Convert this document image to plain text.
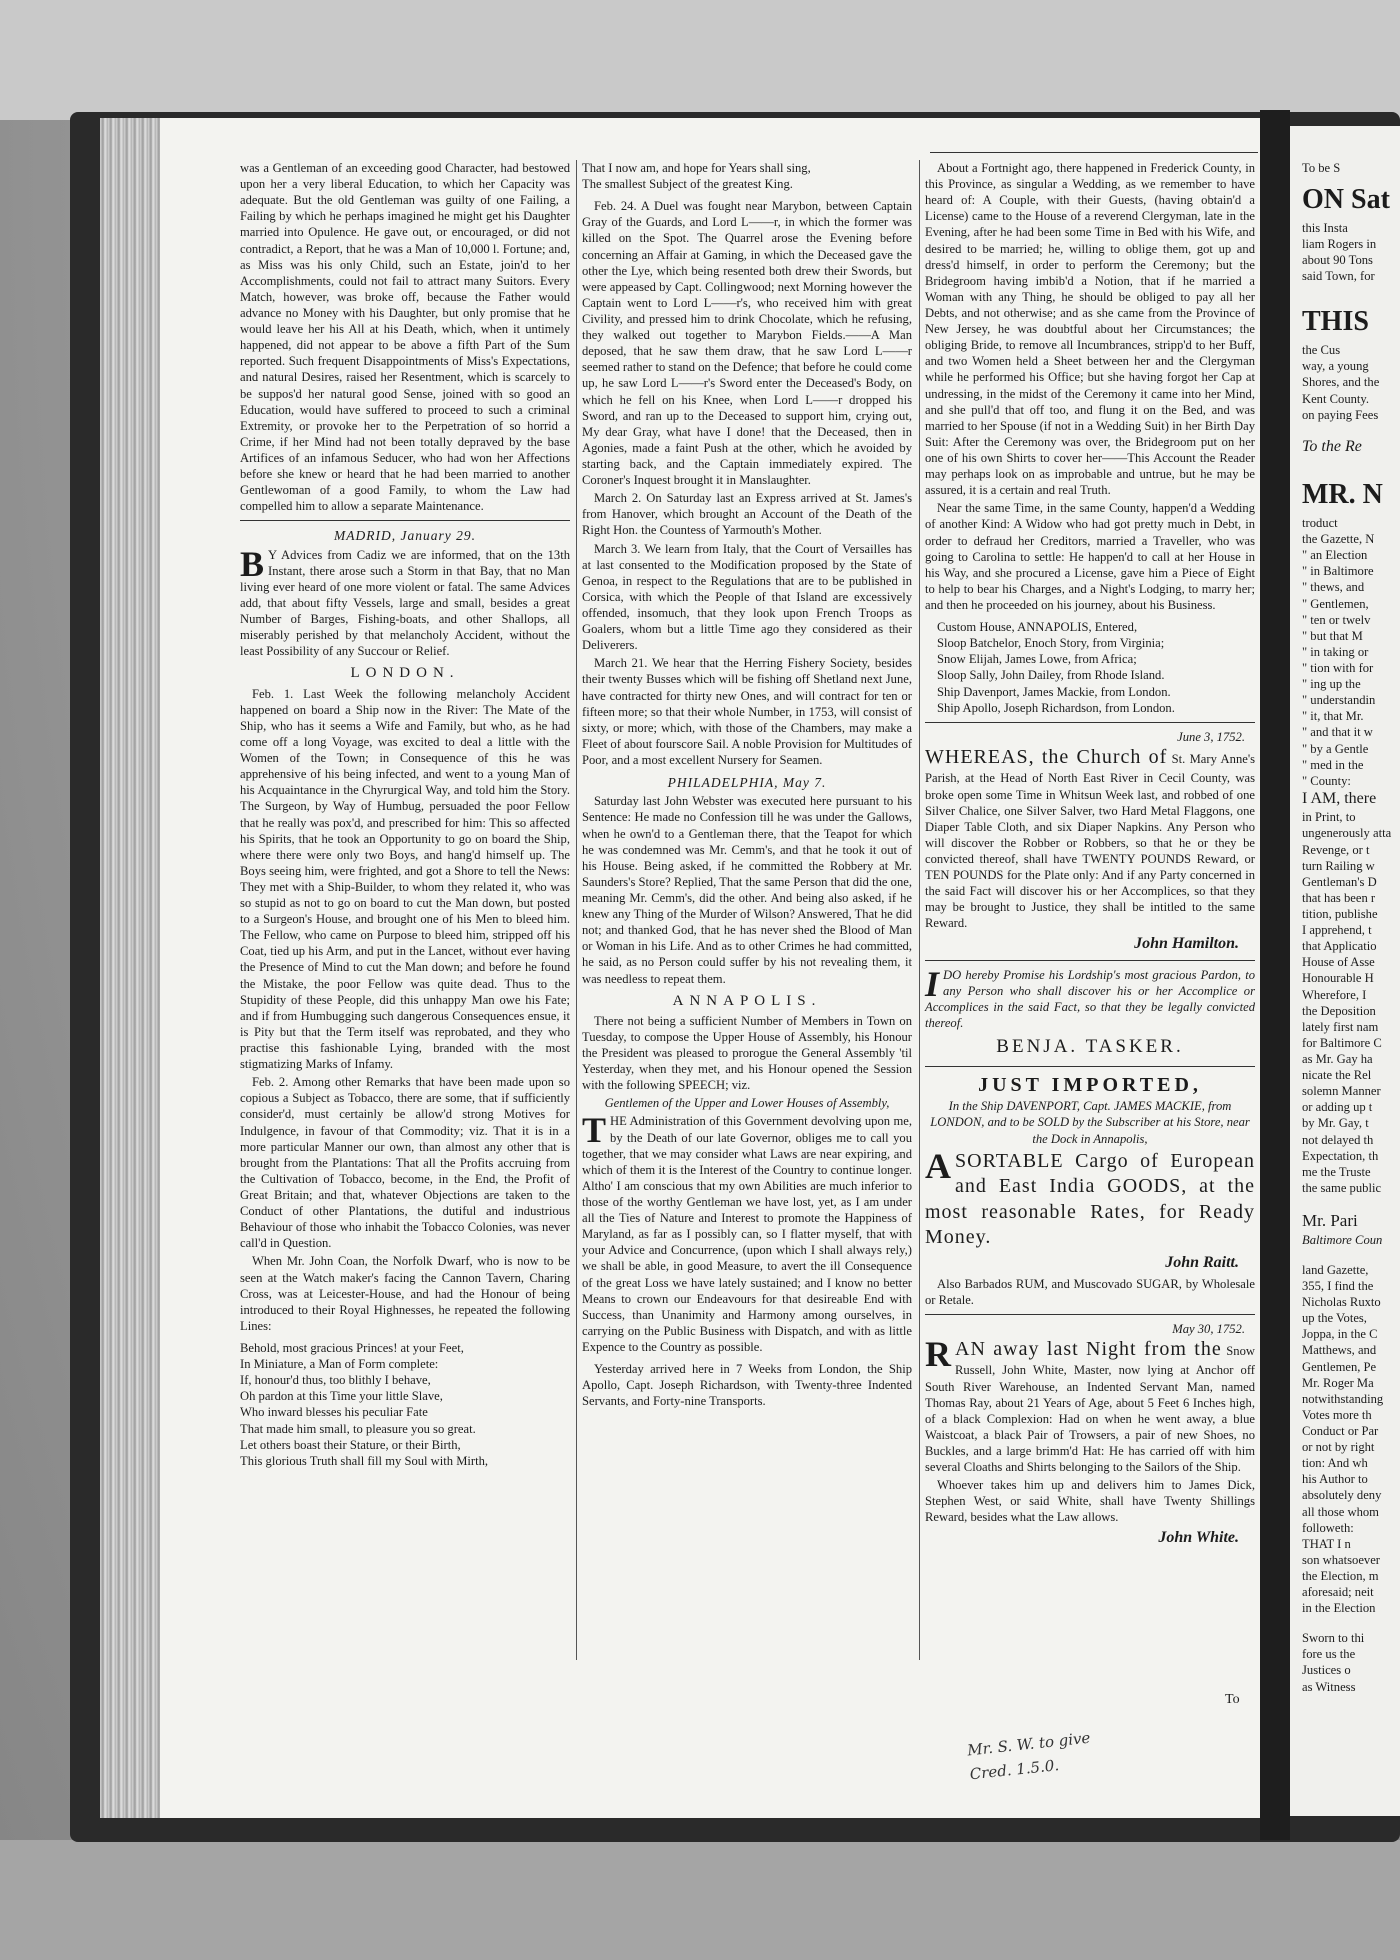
was a Gentleman of an exceeding good Character, had bestowed upon her a very liberal Education, to which her Capacity was adequate. But the old Gentleman was guilty of one Failing, a Failing by which he perhaps imagined he might get his Daughter married into Opulence. He gave out, or encouraged, or did not contradict, a Report, that he was a Man of 10,000 l. Fortune; and, as Miss was his only Child, such an Estate, join'd to her Accomplishments, could not fail to attract many Suitors. Every Match, however, was broke off, because the Father would advance no Money with his Daughter, but only promise that he would leave her his All at his Death, which, when it untimely happened, did not appear to be above a fifth Part of the Sum reported. Such frequent Disappointments of Miss's Expectations, and natural Desires, raised her Resentment, which is scarcely to be suppos'd her natural good Sense, joined with so good an Education, would have suffered to proceed to such a criminal Extremity, or provoke her to the Perpetration of so horrid a Crime, if her Mind had not been totally depraved by the base Artifices of an infamous Seducer, who had won her Affections before she knew or heard that he had been married to another Gentlewoman of a good Family, to whom the Law had compelled him to allow a separate Maintenance.

MADRID, January 29.

B Y Advices from Cadiz we are informed, that on the 13th Instant, there arose such a Storm in that Bay, that no Man living ever heard of one more violent or fatal. The same Advices add, that about fifty Vessels, large and small, besides a great Number of Barges, Fishing-boats, and other Shallops, all miserably perished by that melancholy Accident, without the least Possibility of any Succour or Relief.

LONDON.

Feb. 1. Last Week the following melancholy Accident happened on board a Ship now in the River: The Mate of the Ship, who has it seems a Wife and Family, but who, as he had come off a long Voyage, was excited to deal a little with the Women of the Town; in Consequence of this he was apprehensive of his being infected, and went to a young Man of his Acquaintance in the Chyrurgical Way, and told him the Story. The Surgeon, by Way of Humbug, persuaded the poor Fellow that he really was pox'd, and prescribed for him: This so affected his Spirits, that he took an Opportunity to go on board the Ship, where there were only two Boys, and hang'd himself up. The Boys seeing him, were frighted, and got a Shore to tell the News: They met with a Ship-Builder, to whom they related it, who was so stupid as not to go on board to cut the Man down, but posted to a Surgeon's House, and brought one of his Men to bleed him. The Fellow, who came on Purpose to bleed him, stripped off his Coat, tied up his Arm, and put in the Lancet, without ever having the Presence of Mind to cut the Man down; and before he found the Mistake, the poor Fellow was quite dead. Thus to the Stupidity of these People, did this unhappy Man owe his Fate; and if from Humbugging such dangerous Consequences ensue, it is Pity but that the Term itself was reprobated, and they who practise this fashionable Lying, branded with the most stigmatizing Marks of Infamy.

Feb. 2. Among other Remarks that have been made upon so copious a Subject as Tobacco, there are some, that if sufficiently consider'd, must certainly be allow'd strong Motives for Indulgence, in favour of that Commodity; viz. That it is in a more particular Manner our own, than almost any other that is brought from the Plantations: That all the Profits accruing from the Cultivation of Tobacco, become, in the End, the Profit of Great Britain; and that, whatever Objections are taken to the Conduct of other Plantations, the dutiful and industrious Behaviour of those who inhabit the Tobacco Colonies, was never call'd in Question.

When Mr. John Coan, the Norfolk Dwarf, who is now to be seen at the Watch maker's facing the Cannon Tavern, Charing Cross, was at Leicester-House, and had the Honour of being introduced to their Royal Highnesses, he repeated the following Lines:

Behold, most gracious Princes! at your Feet,
In Miniature, a Man of Form complete:
If, honour'd thus, too blithly I behave,
Oh pardon at this Time your little Slave,
Who inward blesses his peculiar Fate
That made him small, to pleasure you so great.
Let others boast their Stature, or their Birth,
This glorious Truth shall fill my Soul with Mirth,

That I now am, and hope for Years shall sing,
The smallest Subject of the greatest King.

Feb. 24. A Duel was fought near Marybon, between Captain Gray of the Guards, and Lord L——r, in which the former was killed on the Spot. The Quarrel arose the Evening before concerning an Affair at Gaming, in which the Deceased gave the other the Lye, which being resented both drew their Swords, but were appeased by Capt. Collingwood; next Morning however the Captain went to Lord L——r's, who received him with great Civility, and pressed him to drink Chocolate, which he refusing, they walked out together to Marybon Fields.——A Man deposed, that he saw them draw, that he saw Lord L——r seemed rather to stand on the Defence; that before he could come up, he saw Lord L——r's Sword enter the Deceased's Body, on which he fell on his Knee, when Lord L——r dropped his Sword, and ran up to the Deceased to support him, crying out, My dear Gray, what have I done! that the Deceased, then in Agonies, made a faint Push at the other, which he avoided by starting back, and the Captain immediately expired. The Coroner's Inquest brought it in Manslaughter.

March 2. On Saturday last an Express arrived at St. James's from Hanover, which brought an Account of the Death of the Right Hon. the Countess of Yarmouth's Mother.

March 3. We learn from Italy, that the Court of Versailles has at last consented to the Modification proposed by the State of Genoa, in respect to the Regulations that are to be published in Corsica, with which the People of that Island are excessively offended, insomuch, that they look upon French Troops as Goalers, whom but a little Time ago they considered as their Deliverers.

March 21. We hear that the Herring Fishery Society, besides their twenty Busses which will be fishing off Shetland next June, have contracted for thirty new Ones, and will contract for ten or fifteen more; so that their whole Number, in 1753, will consist of sixty, or more; which, with those of the Chambers, may make a Fleet of about fourscore Sail. A noble Provision for Multitudes of Poor, and a most excellent Nursery for Seamen.

PHILADELPHIA, May 7.

Saturday last John Webster was executed here pursuant to his Sentence: He made no Confession till he was under the Gallows, when he own'd to a Gentleman there, that the Teapot for which he was condemned was Mr. Cemm's, and that he took it out of his House. Being asked, if he committed the Robbery at Mr. Saunders's Store? Replied, That the same Person that did the one, meaning Mr. Cemm's, did the other. And being also asked, if he knew any Thing of the Murder of Wilson? Answered, That he did not; and thanked God, that he has never shed the Blood of Man or Woman in his Life. And as to other Crimes he had committed, he said, as no Person could suffer by his not revealing them, it was needless to repeat them.

ANNAPOLIS.

There not being a sufficient Number of Members in Town on Tuesday, to compose the Upper House of Assembly, his Honour the President was pleased to prorogue the General Assembly 'til Yesterday, when they met, and his Honour opened the Session with the following SPEECH; viz.

Gentlemen of the Upper and Lower Houses of Assembly,

THE Administration of this Government devolving upon me, by the Death of our late Governor, obliges me to call you together, that we may consider what Laws are near expiring, and which of them it is the Interest of the Country to continue longer. Altho' I am conscious that my own Abilities are much inferior to those of the worthy Gentleman we have lost, yet, as I am under all the Ties of Nature and Interest to promote the Happiness of Maryland, as far as I possibly can, so I flatter myself, that with your Advice and Concurrence, (upon which I shall always rely,) we shall be able, in good Measure, to avert the ill Consequence of the great Loss we have lately sustained; and I know no better Means to crown our Endeavours for that desireable End with Success, than Unanimity and Harmony among ourselves, in carrying on the Public Business with Dispatch, and with as little Expence to the Country as possible.

Yesterday arrived here in 7 Weeks from London, the Ship Apollo, Capt. Joseph Richardson, with Twenty-three Indented Servants, and Forty-nine Transports.

About a Fortnight ago, there happened in Frederick County, in this Province, as singular a Wedding, as we remember to have heard of: A Couple, with their Guests, (having obtain'd a License) came to the House of a reverend Clergyman, late in the Evening, after he had been some Time in Bed with his Wife, and desired to be married; he, willing to oblige them, got up and dress'd himself, in order to perform the Ceremony; but the Bridegroom having imbib'd a Notion, that if he married a Woman with any Thing, he should be obliged to pay all her Debts, and not otherwise; and as she came from the Province of New Jersey, he was doubtful about her Circumstances; the obliging Bride, to remove all Incumbrances, stripp'd to her Buff, and two Women held a Sheet between her and the Clergyman while he performed his Office; but she having forgot her Cap at undressing, in the midst of the Ceremony it came into her Mind, and she pull'd that off too, and flung it on the Bed, and was married to her Spouse (if not in a Wedding Suit) in her Birth Day Suit: After the Ceremony was over, the Bridegroom put on her one of his own Shirts to cover her——This Account the Reader may perhaps look on as improbable and untrue, but he may be assured, it is a certain and real Truth.

Near the same Time, in the same County, happen'd a Wedding of another Kind: A Widow who had got pretty much in Debt, in order to defraud her Creditors, married a Traveller, who was going to Carolina to settle: He happen'd to call at her House in his Way, and she procured a License, gave him a Piece of Eight to help to bear his Charges, and a Night's Lodging, to marry her; and then he proceeded on his journey, about his Business.

Custom House, ANNAPOLIS, Entered,

Sloop Batchelor, Enoch Story, from Virginia;

Snow Elijah, James Lowe, from Africa;

Sloop Sally, John Dailey, from Rhode Island.

Ship Davenport, James Mackie, from London.

Ship Apollo, Joseph Richardson, from London.

June 3, 1752.

WHEREAS, the Church of St. Mary Anne's Parish, at the Head of North East River in Cecil County, was broke open some Time in Whitsun Week last, and robbed of one Silver Chalice, one Silver Salver, two Hard Metal Flaggons, one Diaper Table Cloth, and six Diaper Napkins. Any Person who will discover the Robber or Robbers, so that he or they be convicted thereof, shall have TWENTY POUNDS Reward, or TEN POUNDS for the Plate only: And if any Party concerned in the said Fact will discover his or her Accomplices, so that they may be brought to Justice, they shall be intitled to the same Reward.

John Hamilton.

IDO hereby Promise his Lordship's most gracious Pardon, to any Person who shall discover his or her Accomplice or Accomplices in the said Fact, so that they be legally convicted thereof.

BENJA. TASKER.
JUST IMPORTED,

In the Ship DAVENPORT, Capt. JAMES MACKIE, from LONDON, and to be SOLD by the Subscriber at his Store, near the Dock in Annapolis,

ASORTABLE Cargo of European and East India GOODS, at the most reasonable Rates, for Ready Money.

John Raitt.

Also Barbados RUM, and Muscovado SUGAR, by Wholesale or Retale.

May 30, 1752.

RAN away last Night from the Snow Russell, John White, Master, now lying at Anchor off South River Warehouse, an Indented Servant Man, named Thomas Ray, about 21 Years of Age, about 5 Feet 6 Inches high, of a black Complexion: Had on when he went away, a blue Waistcoat, a black Pair of Trowsers, a pair of new Shoes, no Buckles, and a large brimm'd Hat: He has carried off with him several Cloaths and Shirts belonging to the Sailors of the Ship.

Whoever takes him up and delivers him to James Dick, Stephen West, or said White, shall have Twenty Shillings Reward, besides what the Law allows.

John White.
To be S
ON Sat
this Insta
liam Rogers in
about 90 Tons
said Town, for
THIS
the Cus
way, a young
Shores, and the
Kent County.
on paying Fees
To the Re
MR. N
troduct
the Gazette, N
" an Election
" in Baltimore
" thews, and
" Gentlemen,
" ten or twelv
" but that M
" in taking or
" tion with for
" ing up the
" understandin
" it, that Mr.
" and that it w
" by a Gentle
" med in the
" County:
I AM, there
in Print, to
ungenerously atta
Revenge, or t
turn Railing w
Gentleman's D
that has been r
tition, publishe
I apprehend, t
that Applicatio
House of Asse
Honourable H
Wherefore, I
the Deposition
lately first nam
for Baltimore C
as Mr. Gay ha
nicate the Rel
solemn Manner
or adding up t
by Mr. Gay, t
not delayed th
Expectation, th
me the Truste
the same public
Mr. Pari
Baltimore Coun
land Gazette,
355, I find the
Nicholas Ruxto
up the Votes,
Joppa, in the C
Matthews, and
Gentlemen, Pe
Mr. Roger Ma
notwithstanding
Votes more th
Conduct or Par
or not by right
tion: And wh
his Author to
absolutely deny
all those whom
followeth:
THAT I n
son whatsoever
the Election, m
aforesaid; neit
in the Election
Sworn to thi
fore us the
Justices o
as Witness
To
Mr. S. W. to give
Cred. 1.5.0.
